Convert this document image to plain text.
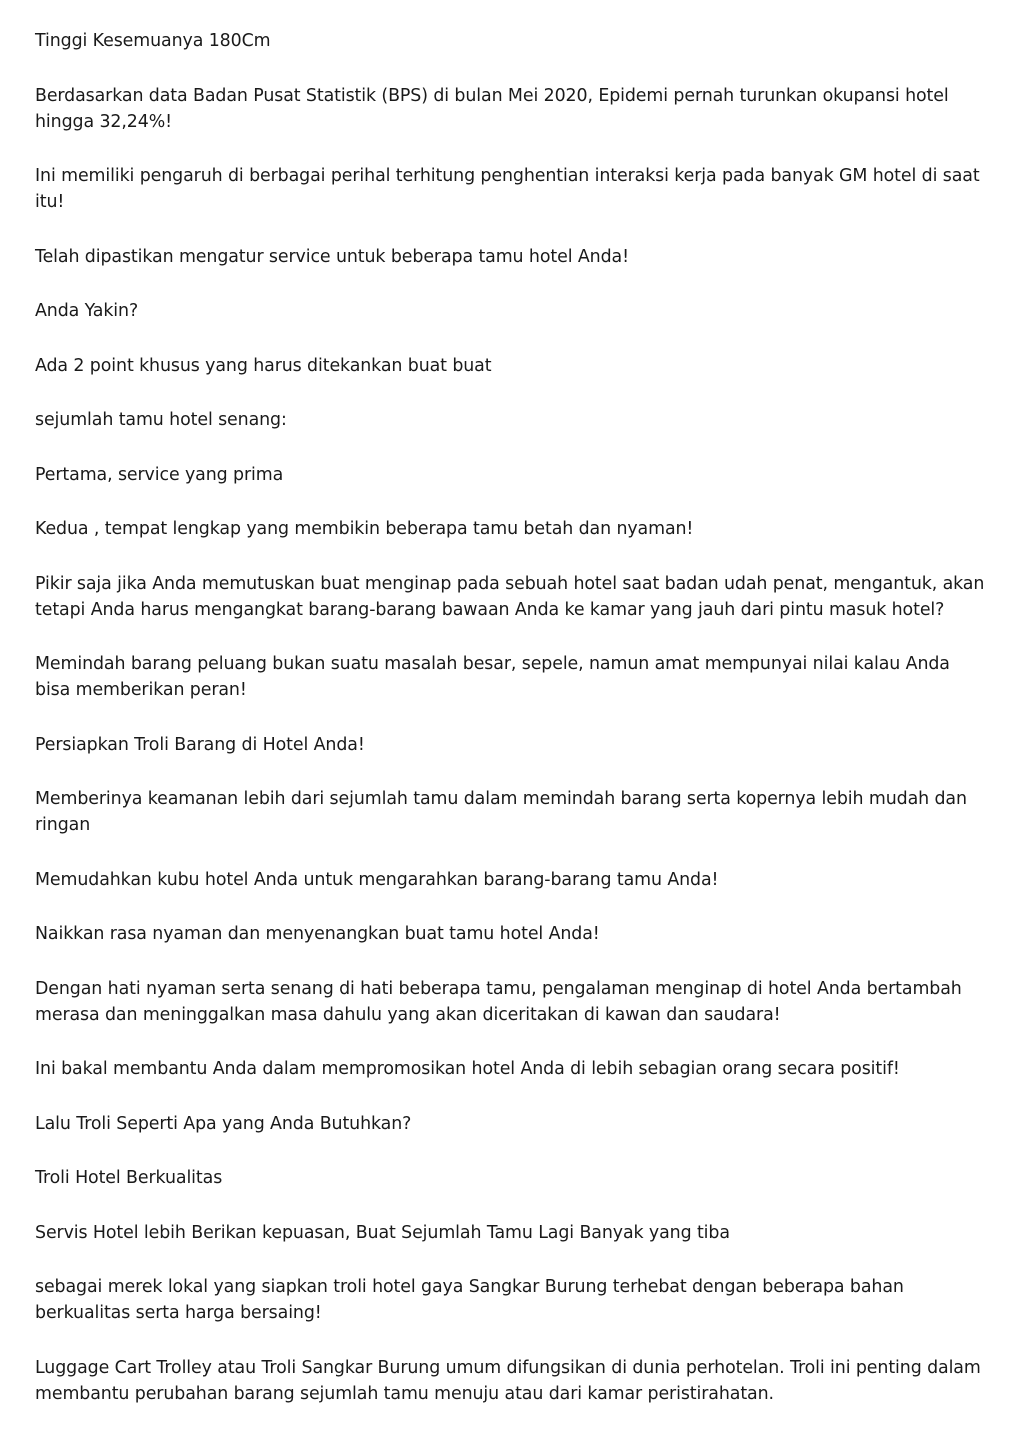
Tinggi Kesemuanya 180Cm

Berdasarkan data Badan Pusat Statistik (BPS) di bulan Mei 2020, Epidemi pernah turunkan okupansi hotel hingga 32,24%!

Ini memiliki pengaruh di berbagai perihal terhitung penghentian interaksi kerja pada banyak GM hotel di saat itu!

Telah dipastikan mengatur service untuk beberapa tamu hotel Anda!

Anda Yakin?

Ada 2 point khusus yang harus ditekankan buat buat

sejumlah tamu hotel senang:

Pertama, service yang prima

Kedua , tempat lengkap yang membikin beberapa tamu betah dan nyaman!

Pikir saja jika Anda memutuskan buat menginap pada sebuah hotel saat badan udah penat, mengantuk, akan tetapi Anda harus mengangkat barang-barang bawaan Anda ke kamar yang jauh dari pintu masuk hotel?

Memindah barang peluang bukan suatu masalah besar, sepele, namun amat mempunyai nilai kalau Anda bisa memberikan peran!

Persiapkan Troli Barang di Hotel Anda!

Memberinya keamanan lebih dari sejumlah tamu dalam memindah barang serta kopernya lebih mudah dan ringan

Memudahkan kubu hotel Anda untuk mengarahkan barang-barang tamu Anda!

Naikkan rasa nyaman dan menyenangkan buat tamu hotel Anda!

Dengan hati nyaman serta senang di hati beberapa tamu, pengalaman menginap di hotel Anda bertambah merasa dan meninggalkan masa dahulu yang akan diceritakan di kawan dan saudara!

Ini bakal membantu Anda dalam mempromosikan hotel Anda di lebih sebagian orang secara positif!

Lalu Troli Seperti Apa yang Anda Butuhkan?

Troli Hotel Berkualitas

Servis Hotel lebih Berikan kepuasan, Buat Sejumlah Tamu Lagi Banyak yang tiba

sebagai merek lokal yang siapkan troli hotel gaya Sangkar Burung terhebat dengan beberapa bahan berkualitas serta harga bersaing!

Luggage Cart Trolley atau Troli Sangkar Burung umum difungsikan di dunia perhotelan. Troli ini penting dalam membantu perubahan barang sejumlah tamu menuju atau dari kamar peristirahatan.
